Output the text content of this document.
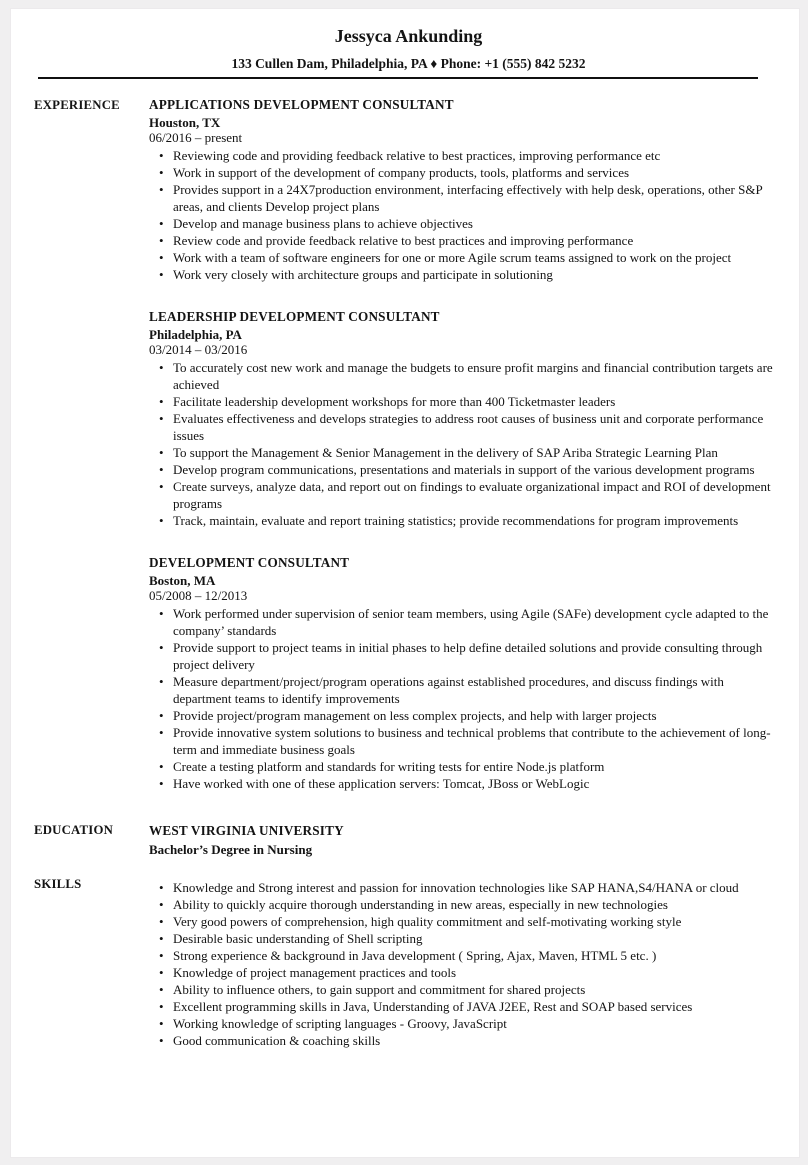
Jessyca Ankunding
133 Cullen Dam, Philadelphia, PA ♦ Phone: +1 (555) 842 5232
EXPERIENCE	APPLICATIONS DEVELOPMENT CONSULTANT
Houston, TX
06/2016 – present
• Reviewing code and providing feedback relative to best practices, improving performance etc
• Work in support of the development of company products, tools, platforms and services
• Provides support in a 24X7production environment, interfacing effectively with help desk, operations, other S&P areas, and clients Develop project plans
• Develop and manage business plans to achieve objectives
• Review code and provide feedback relative to best practices and improving performance
• Work with a team of software engineers for one or more Agile scrum teams assigned to work on the project
• Work very closely with architecture groups and participate in solutioning
LEADERSHIP DEVELOPMENT CONSULTANT
Philadelphia, PA
03/2014 – 03/2016
• To accurately cost new work and manage the budgets to ensure profit margins and financial contribution targets are achieved
• Facilitate leadership development workshops for more than 400 Ticketmaster leaders
• Evaluates effectiveness and develops strategies to address root causes of business unit and corporate performance issues
• To support the Management & Senior Management in the delivery of SAP Ariba Strategic Learning Plan
• Develop program communications, presentations and materials in support of the various development programs
• Create surveys, analyze data, and report out on findings to evaluate organizational impact and ROI of development programs
• Track, maintain, evaluate and report training statistics; provide recommendations for program improvements
DEVELOPMENT CONSULTANT
Boston, MA
05/2008 – 12/2013
• Work performed under supervision of senior team members, using Agile (SAFe) development cycle adapted to the company’ standards
• Provide support to project teams in initial phases to help define detailed solutions and provide consulting through project delivery
• Measure department/project/program operations against established procedures, and discuss findings with department teams to identify improvements
• Provide project/program management on less complex projects, and help with larger projects
• Provide innovative system solutions to business and technical problems that contribute to the achievement of long-term and immediate business goals
• Create a testing platform and standards for writing tests for entire Node.js platform
• Have worked with one of these application servers: Tomcat, JBoss or WebLogic
EDUCATION	WEST VIRGINIA UNIVERSITY
Bachelor’s Degree in Nursing
SKILLS	• Knowledge and Strong interest and passion for innovation technologies like SAP HANA,S4/HANA or cloud
• Ability to quickly acquire thorough understanding in new areas, especially in new technologies
• Very good powers of comprehension, high quality commitment and self-motivating working style
• Desirable basic understanding of Shell scripting
• Strong experience & background in Java development ( Spring, Ajax, Maven, HTML 5 etc. )
• Knowledge of project management practices and tools
• Ability to influence others, to gain support and commitment for shared projects
• Excellent programming skills in Java, Understanding of JAVA J2EE, Rest and SOAP based services
• Working knowledge of scripting languages - Groovy, JavaScript
• Good communication & coaching skills
